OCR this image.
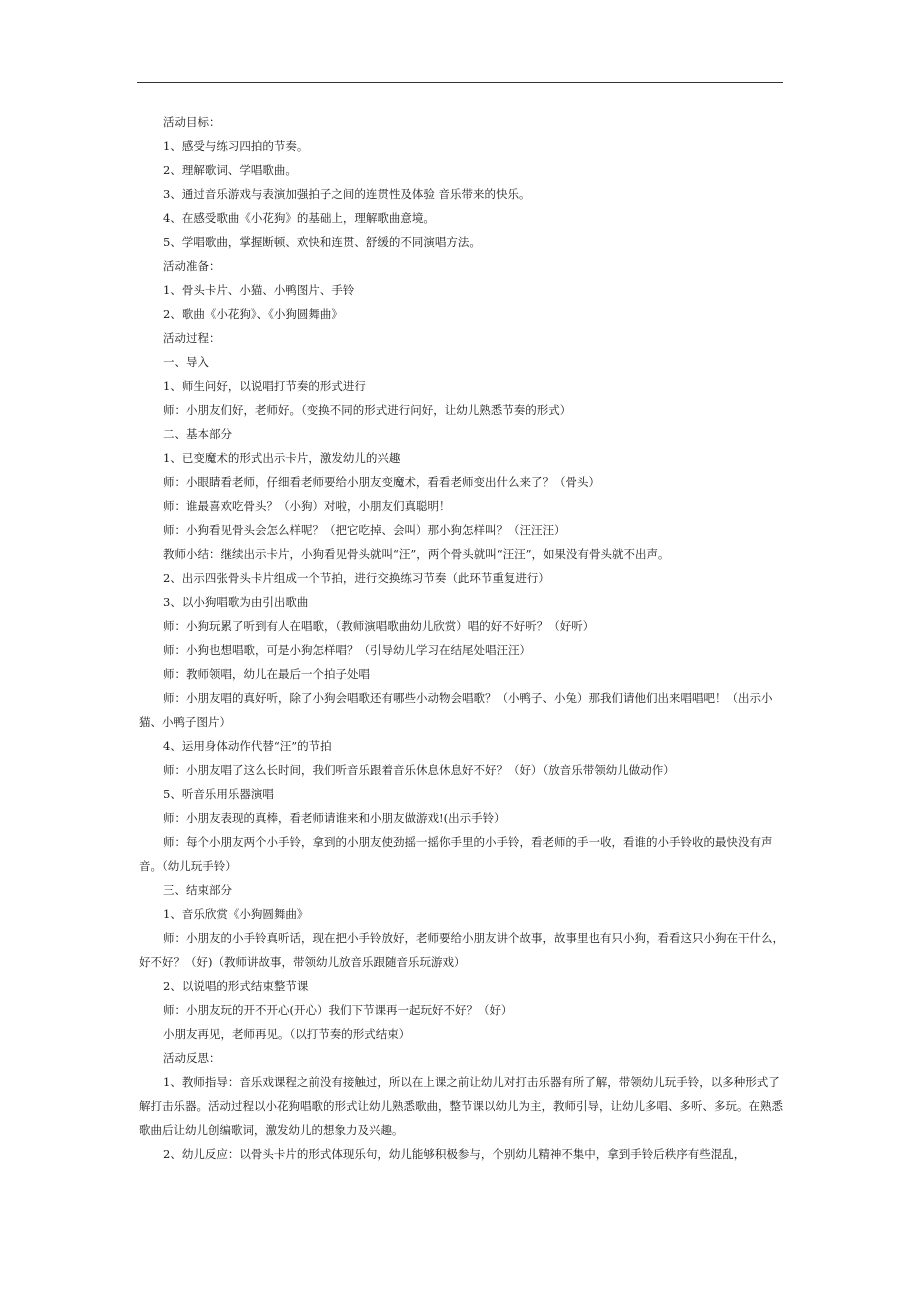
活动目标：
1、感受与练习四拍的节奏。
2、理解歌词、学唱歌曲。
3、通过音乐游戏与表演加强拍子之间的连贯性及体验 音乐带来的快乐。
4、在感受歌曲《小花狗》的基础上，理解歌曲意境。
5、学唱歌曲，掌握断顿、欢快和连贯、舒缓的不同演唱方法。
活动准备：
1、骨头卡片、小猫、小鸭图片、手铃
2、歌曲《小花狗》、《小狗圆舞曲》
活动过程：
一、导入
1、师生问好，以说唱打节奏的形式进行
师：小朋友们好，老师好。（变换不同的形式进行问好，让幼儿熟悉节奏的形式）
二、基本部分
1、已变魔术的形式出示卡片，激发幼儿的兴趣
师：小眼睛看老师，仔细看老师要给小朋友变魔术，看看老师变出什么来了？（骨头）
师：谁最喜欢吃骨头？（小狗）对啦，小朋友们真聪明！
师：小狗看见骨头会怎么样呢？（把它吃掉、会叫）那小狗怎样叫？（汪汪汪）
教师小结：继续出示卡片，小狗看见骨头就叫“汪”，两个骨头就叫“汪汪”，如果没有骨头就不出声。
2、出示四张骨头卡片组成一个节拍，进行交换练习节奏（此环节重复进行）
3、以小狗唱歌为由引出歌曲
师：小狗玩累了听到有人在唱歌，（教师演唱歌曲幼儿欣赏）唱的好不好听？（好听）
师：小狗也想唱歌，可是小狗怎样唱？（引导幼儿学习在结尾处唱汪汪）
师：教师领唱，幼儿在最后一个拍子处唱
师：小朋友唱的真好听，除了小狗会唱歌还有哪些小动物会唱歌？（小鸭子、小兔）那我们请他们出来唱唱吧！（出示小猫、小鸭子图片）
4、运用身体动作代替“汪”的节拍
师：小朋友唱了这么长时间，我们听音乐跟着音乐休息休息好不好？（好）（放音乐带领幼儿做动作）
5、听音乐用乐器演唱
师：小朋友表现的真棒，看老师请谁来和小朋友做游戏!(出示手铃）
师：每个小朋友两个小手铃，拿到的小朋友使劲摇一摇你手里的小手铃，看老师的手一收，看谁的小手铃收的最快没有声音。（幼儿玩手铃）
三、结束部分
1、音乐欣赏《小狗圆舞曲》
师：小朋友的小手铃真听话，现在把小手铃放好，老师要给小朋友讲个故事，故事里也有只小狗，看看这只小狗在干什么，好不好？（好)（教师讲故事，带领幼儿放音乐跟随音乐玩游戏）
2、以说唱的形式结束整节课
师：小朋友玩的开不开心(开心）我们下节课再一起玩好不好？（好）
小朋友再见，老师再见。（以打节奏的形式结束）
活动反思：
1、教师指导：音乐戏课程之前没有接触过，所以在上课之前让幼儿对打击乐器有所了解，带领幼儿玩手铃，以多种形式了解打击乐器。活动过程以小花狗唱歌的形式让幼儿熟悉歌曲，整节课以幼儿为主，教师引导，让幼儿多唱、多听、多玩。在熟悉歌曲后让幼儿创编歌词，激发幼儿的想象力及兴趣。
2、幼儿反应：以骨头卡片的形式体现乐句，幼儿能够积极参与，个别幼儿精神不集中，拿到手铃后秩序有些混乱，
